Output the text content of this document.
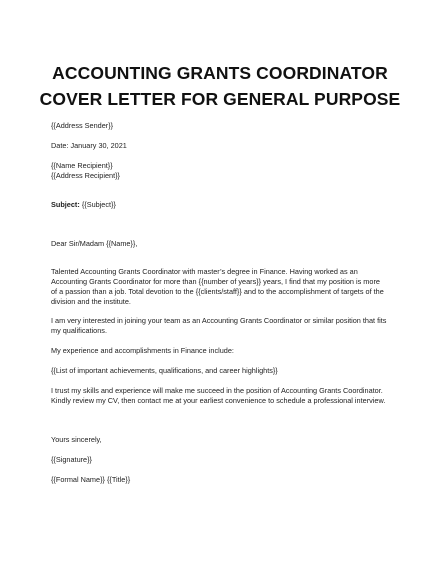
ACCOUNTING GRANTS COORDINATOR
COVER LETTER FOR GENERAL PURPOSE
{{Address Sender}}
Date: January 30, 2021
{{Name Recipient}}
{{Address Recipient}}
Subject: {{Subject}}
Dear Sir/Madam {{Name}},
Talented Accounting Grants Coordinator with master’s degree in Finance. Having worked as an
Accounting Grants Coordinator for more than {{number of years}} years, I find that my position is more
of a passion than a job. Total devotion to the {{clients/staff}} and to the accomplishment of targets of the
division and the institute.
I am very interested in joining your team as an Accounting Grants Coordinator or similar position that fits
my qualifications.
My experience and accomplishments in Finance include:
{{List of important achievements, qualifications, and career highlights}}
I trust my skills and experience will make me succeed in the position of Accounting Grants Coordinator.
Kindly review my CV, then contact me at your earliest convenience to schedule a professional interview.
Yours sincerely,
{{Signature}}
{{Formal Name}} {{Title}}
